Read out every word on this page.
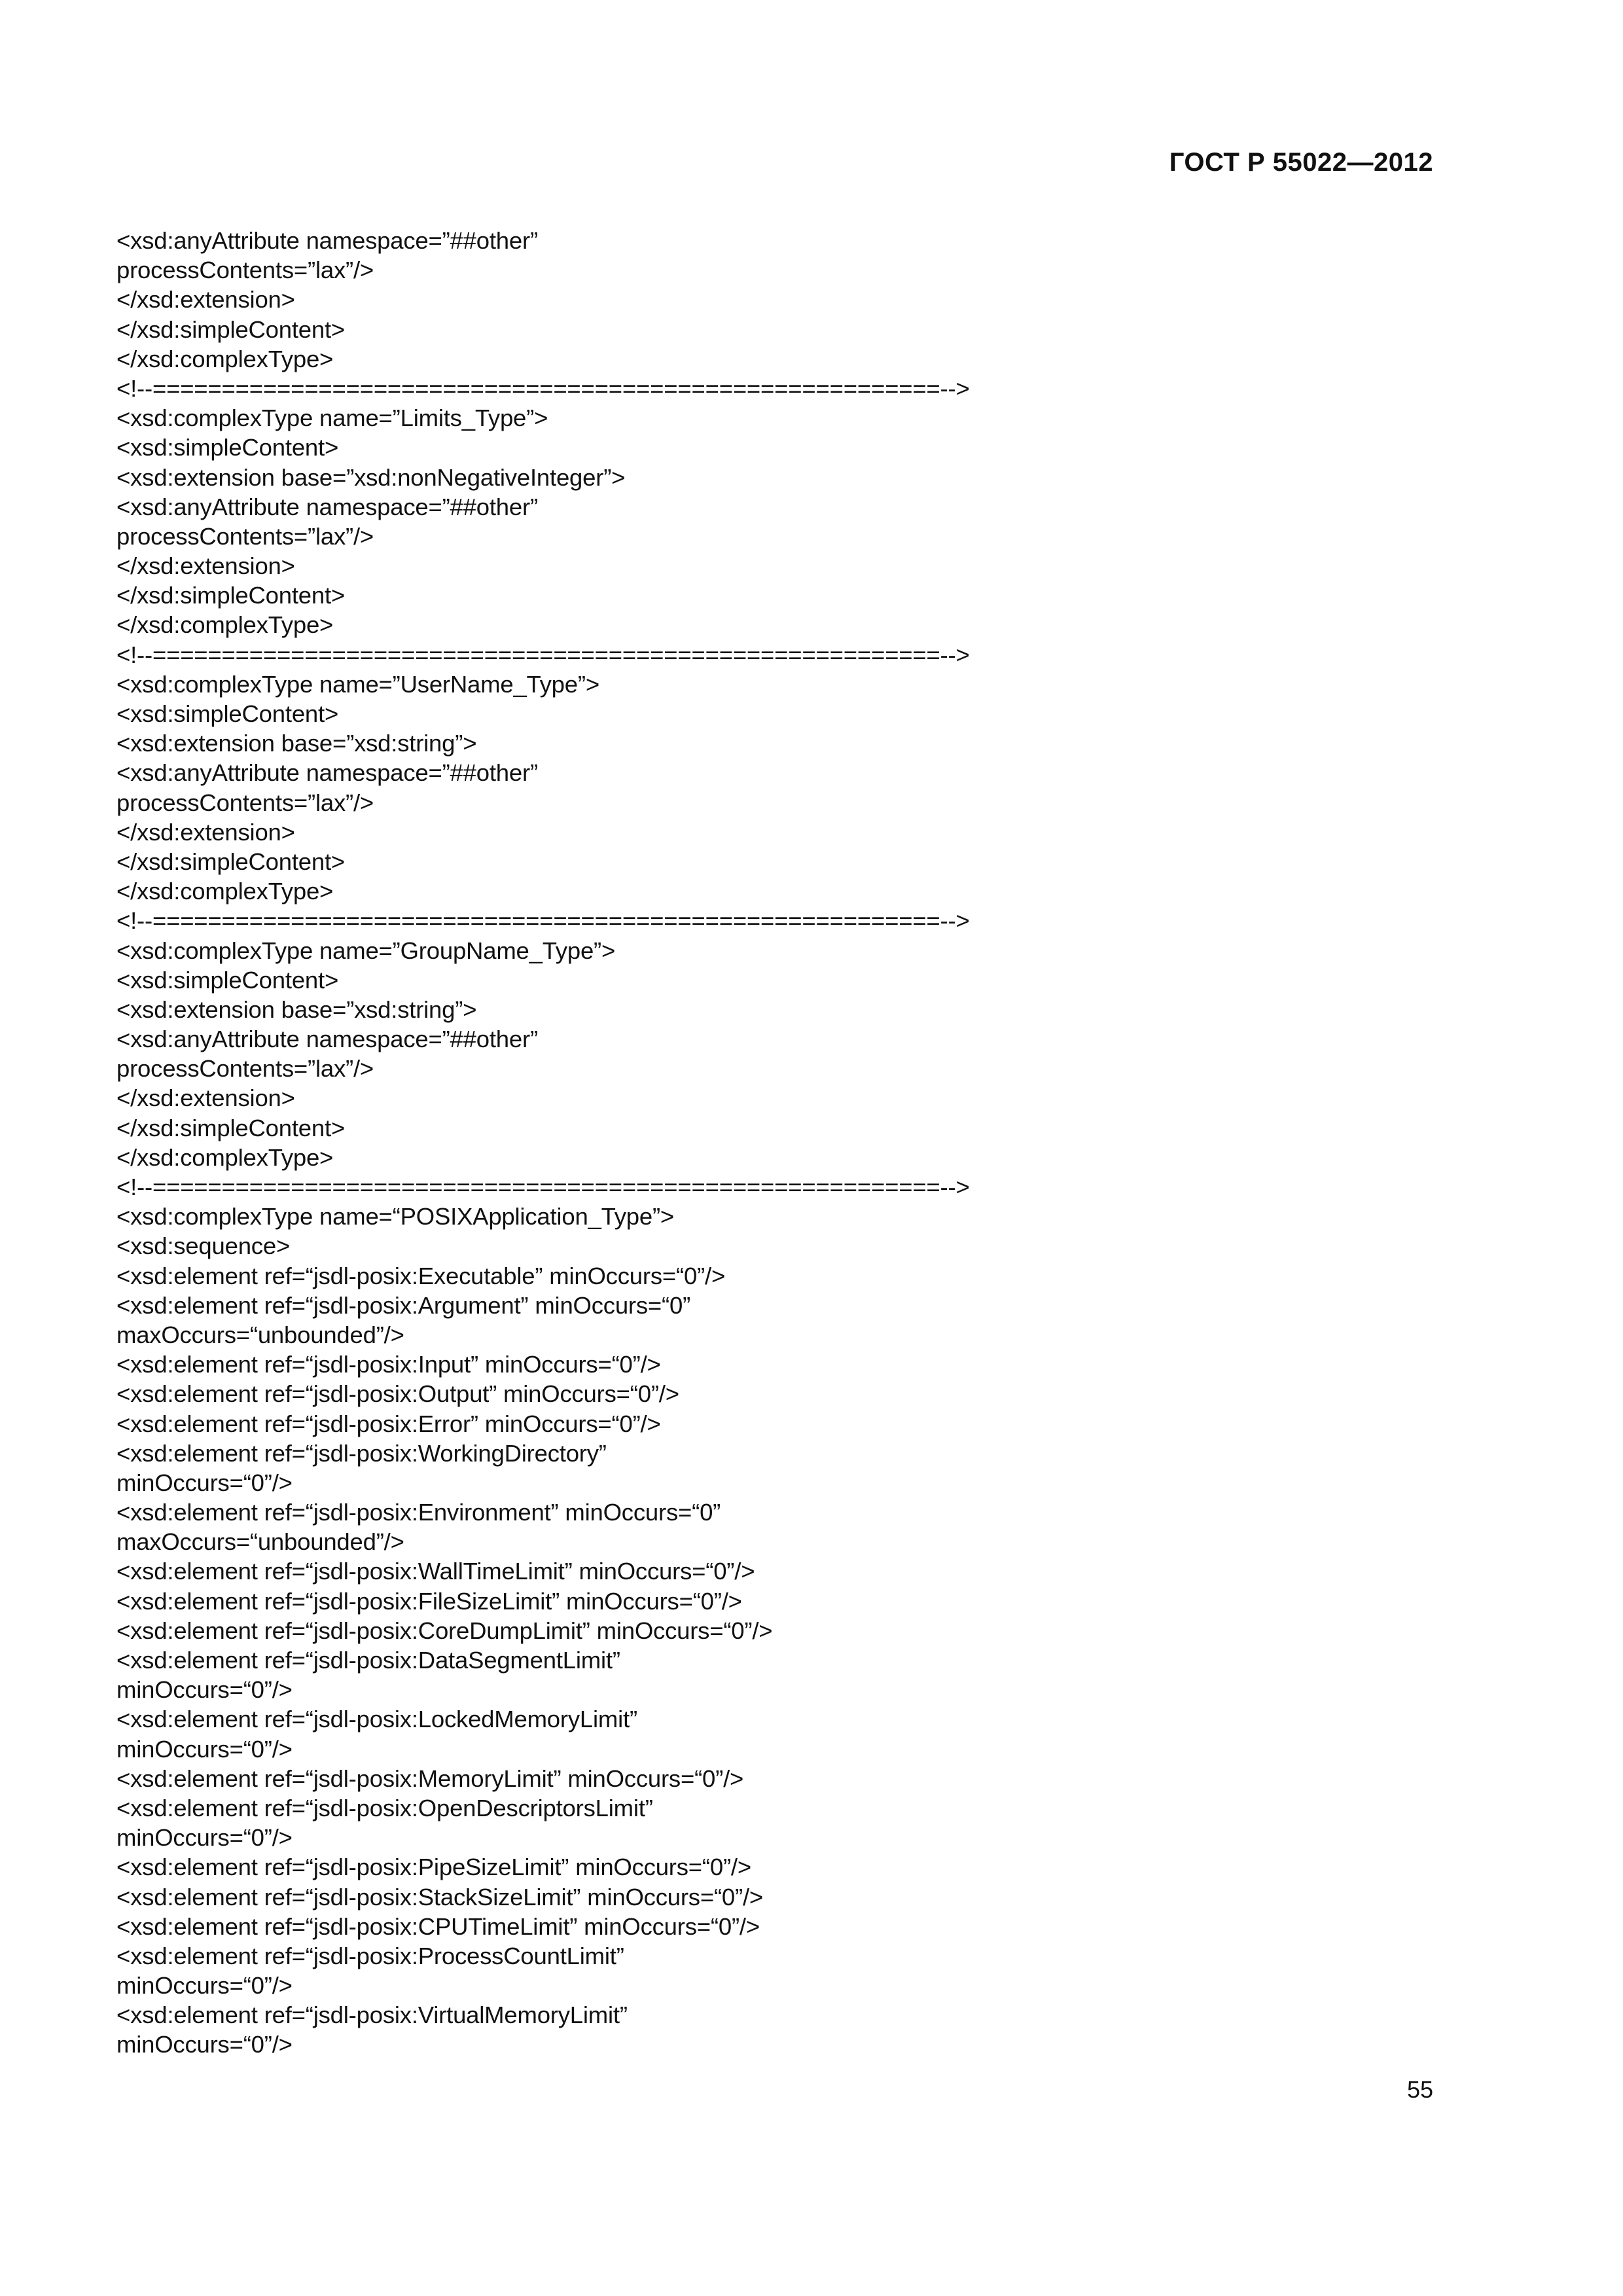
ГОСТ Р 55022—2012

<xsd:anyAttribute namespace=”##other”
processContents=”lax”/>
</xsd:extension>
</xsd:simpleContent>
</xsd:complexType>
<!--=========================================================-->
<xsd:complexType name=”Limits_Type”>
<xsd:simpleContent>
<xsd:extension base=”xsd:nonNegativeInteger”>
<xsd:anyAttribute namespace=”##other”
processContents=”lax”/>
</xsd:extension>
</xsd:simpleContent>
</xsd:complexType>
<!--=========================================================-->
<xsd:complexType name=”UserName_Type”>
<xsd:simpleContent>
<xsd:extension base=”xsd:string”>
<xsd:anyAttribute namespace=”##other”
processContents=”lax”/>
</xsd:extension>
</xsd:simpleContent>
</xsd:complexType>
<!--=========================================================-->
<xsd:complexType name=”GroupName_Type”>
<xsd:simpleContent>
<xsd:extension base=”xsd:string”>
<xsd:anyAttribute namespace=”##other”
processContents=”lax”/>
</xsd:extension>
</xsd:simpleContent>
</xsd:complexType>
<!--=========================================================-->
<xsd:complexType name=“POSIXApplication_Type”>
<xsd:sequence>
<xsd:element ref=“jsdl-posix:Executable” minOccurs=“0”/>
<xsd:element ref=“jsdl-posix:Argument” minOccurs=“0”
maxOccurs=“unbounded”/>
<xsd:element ref=“jsdl-posix:Input” minOccurs=“0”/>
<xsd:element ref=“jsdl-posix:Output” minOccurs=“0”/>
<xsd:element ref=“jsdl-posix:Error” minOccurs=“0”/>
<xsd:element ref=“jsdl-posix:WorkingDirectory”
minOccurs=“0”/>
<xsd:element ref=“jsdl-posix:Environment” minOccurs=“0”
maxOccurs=“unbounded”/>
<xsd:element ref=“jsdl-posix:WallTimeLimit” minOccurs=“0”/>
<xsd:element ref=“jsdl-posix:FileSizeLimit” minOccurs=“0”/>
<xsd:element ref=“jsdl-posix:CoreDumpLimit” minOccurs=“0”/>
<xsd:element ref=“jsdl-posix:DataSegmentLimit”
minOccurs=“0”/>
<xsd:element ref=“jsdl-posix:LockedMemoryLimit”
minOccurs=“0”/>
<xsd:element ref=“jsdl-posix:MemoryLimit” minOccurs=“0”/>
<xsd:element ref=“jsdl-posix:OpenDescriptorsLimit”
minOccurs=“0”/>
<xsd:element ref=“jsdl-posix:PipeSizeLimit” minOccurs=“0”/>
<xsd:element ref=“jsdl-posix:StackSizeLimit” minOccurs=“0”/>
<xsd:element ref=“jsdl-posix:CPUTimeLimit” minOccurs=“0”/>
<xsd:element ref=“jsdl-posix:ProcessCountLimit”
minOccurs=“0”/>
<xsd:element ref=“jsdl-posix:VirtualMemoryLimit”
minOccurs=“0”/>

55
